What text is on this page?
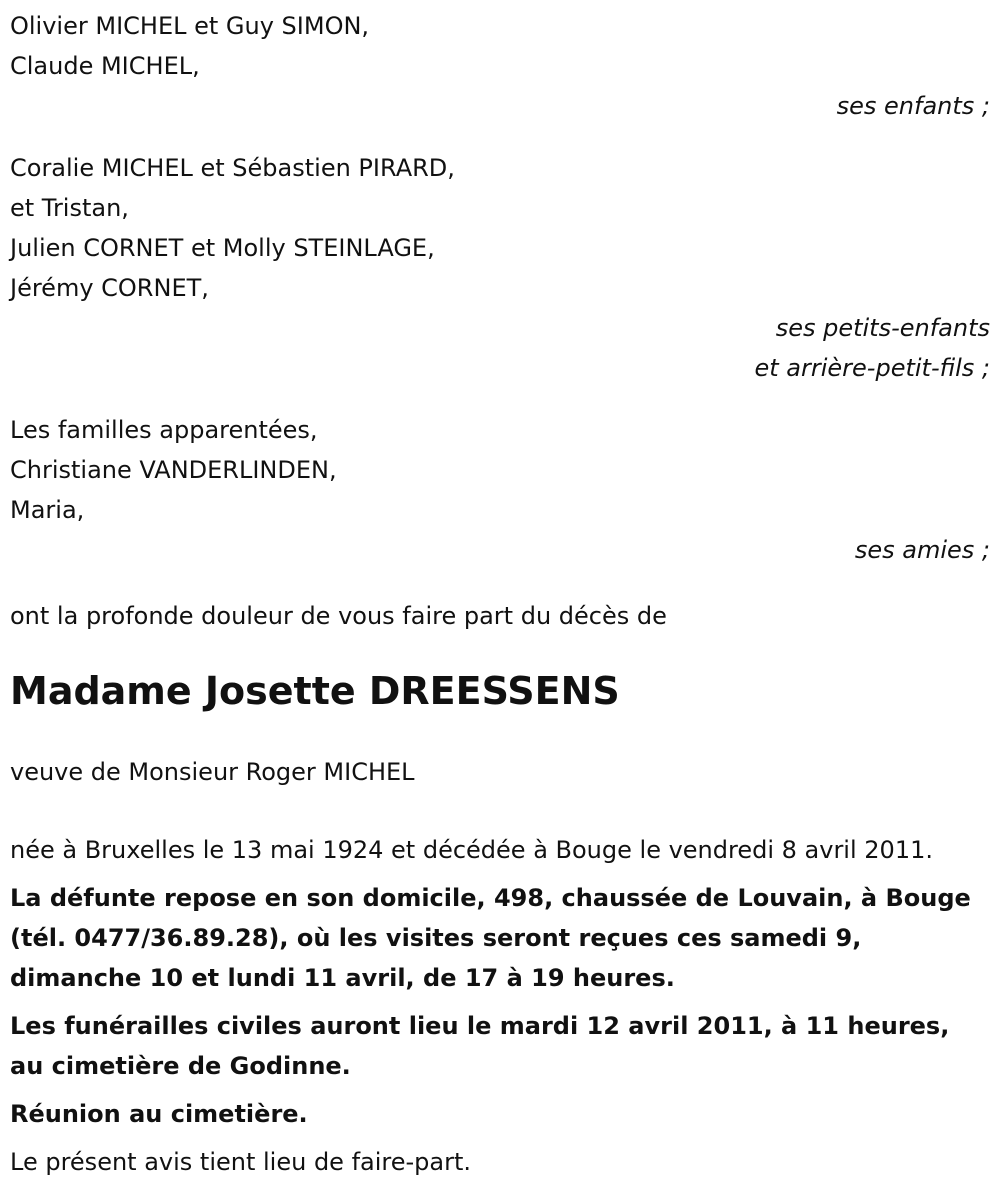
Olivier MICHEL et Guy SIMON,
Claude MICHEL,
ses enfants ;
Coralie MICHEL et Sébastien PIRARD,
et Tristan,
Julien CORNET et Molly STEINLAGE,
Jérémy CORNET,
ses petits-enfants
et arrière-petit-fils ;
Les familles apparentées,
Christiane VANDERLINDEN,
Maria,
ses amies ;
ont la profonde douleur de vous faire part du décès de
Madame Josette DREESSENS
veuve de Monsieur Roger MICHEL
née à Bruxelles le 13 mai 1924 et décédée à Bouge le vendredi 8 avril 2011.
La défunte repose en son domicile, 498, chaussée de Louvain, à Bouge (tél. 0477/36.89.28), où les visites seront reçues ces samedi 9, dimanche 10 et lundi 11 avril, de 17 à 19 heures.
Les funérailles civiles auront lieu le mardi 12 avril 2011, à 11 heures, au cimetière de Godinne.
Réunion au cimetière.
Le présent avis tient lieu de faire-part.
